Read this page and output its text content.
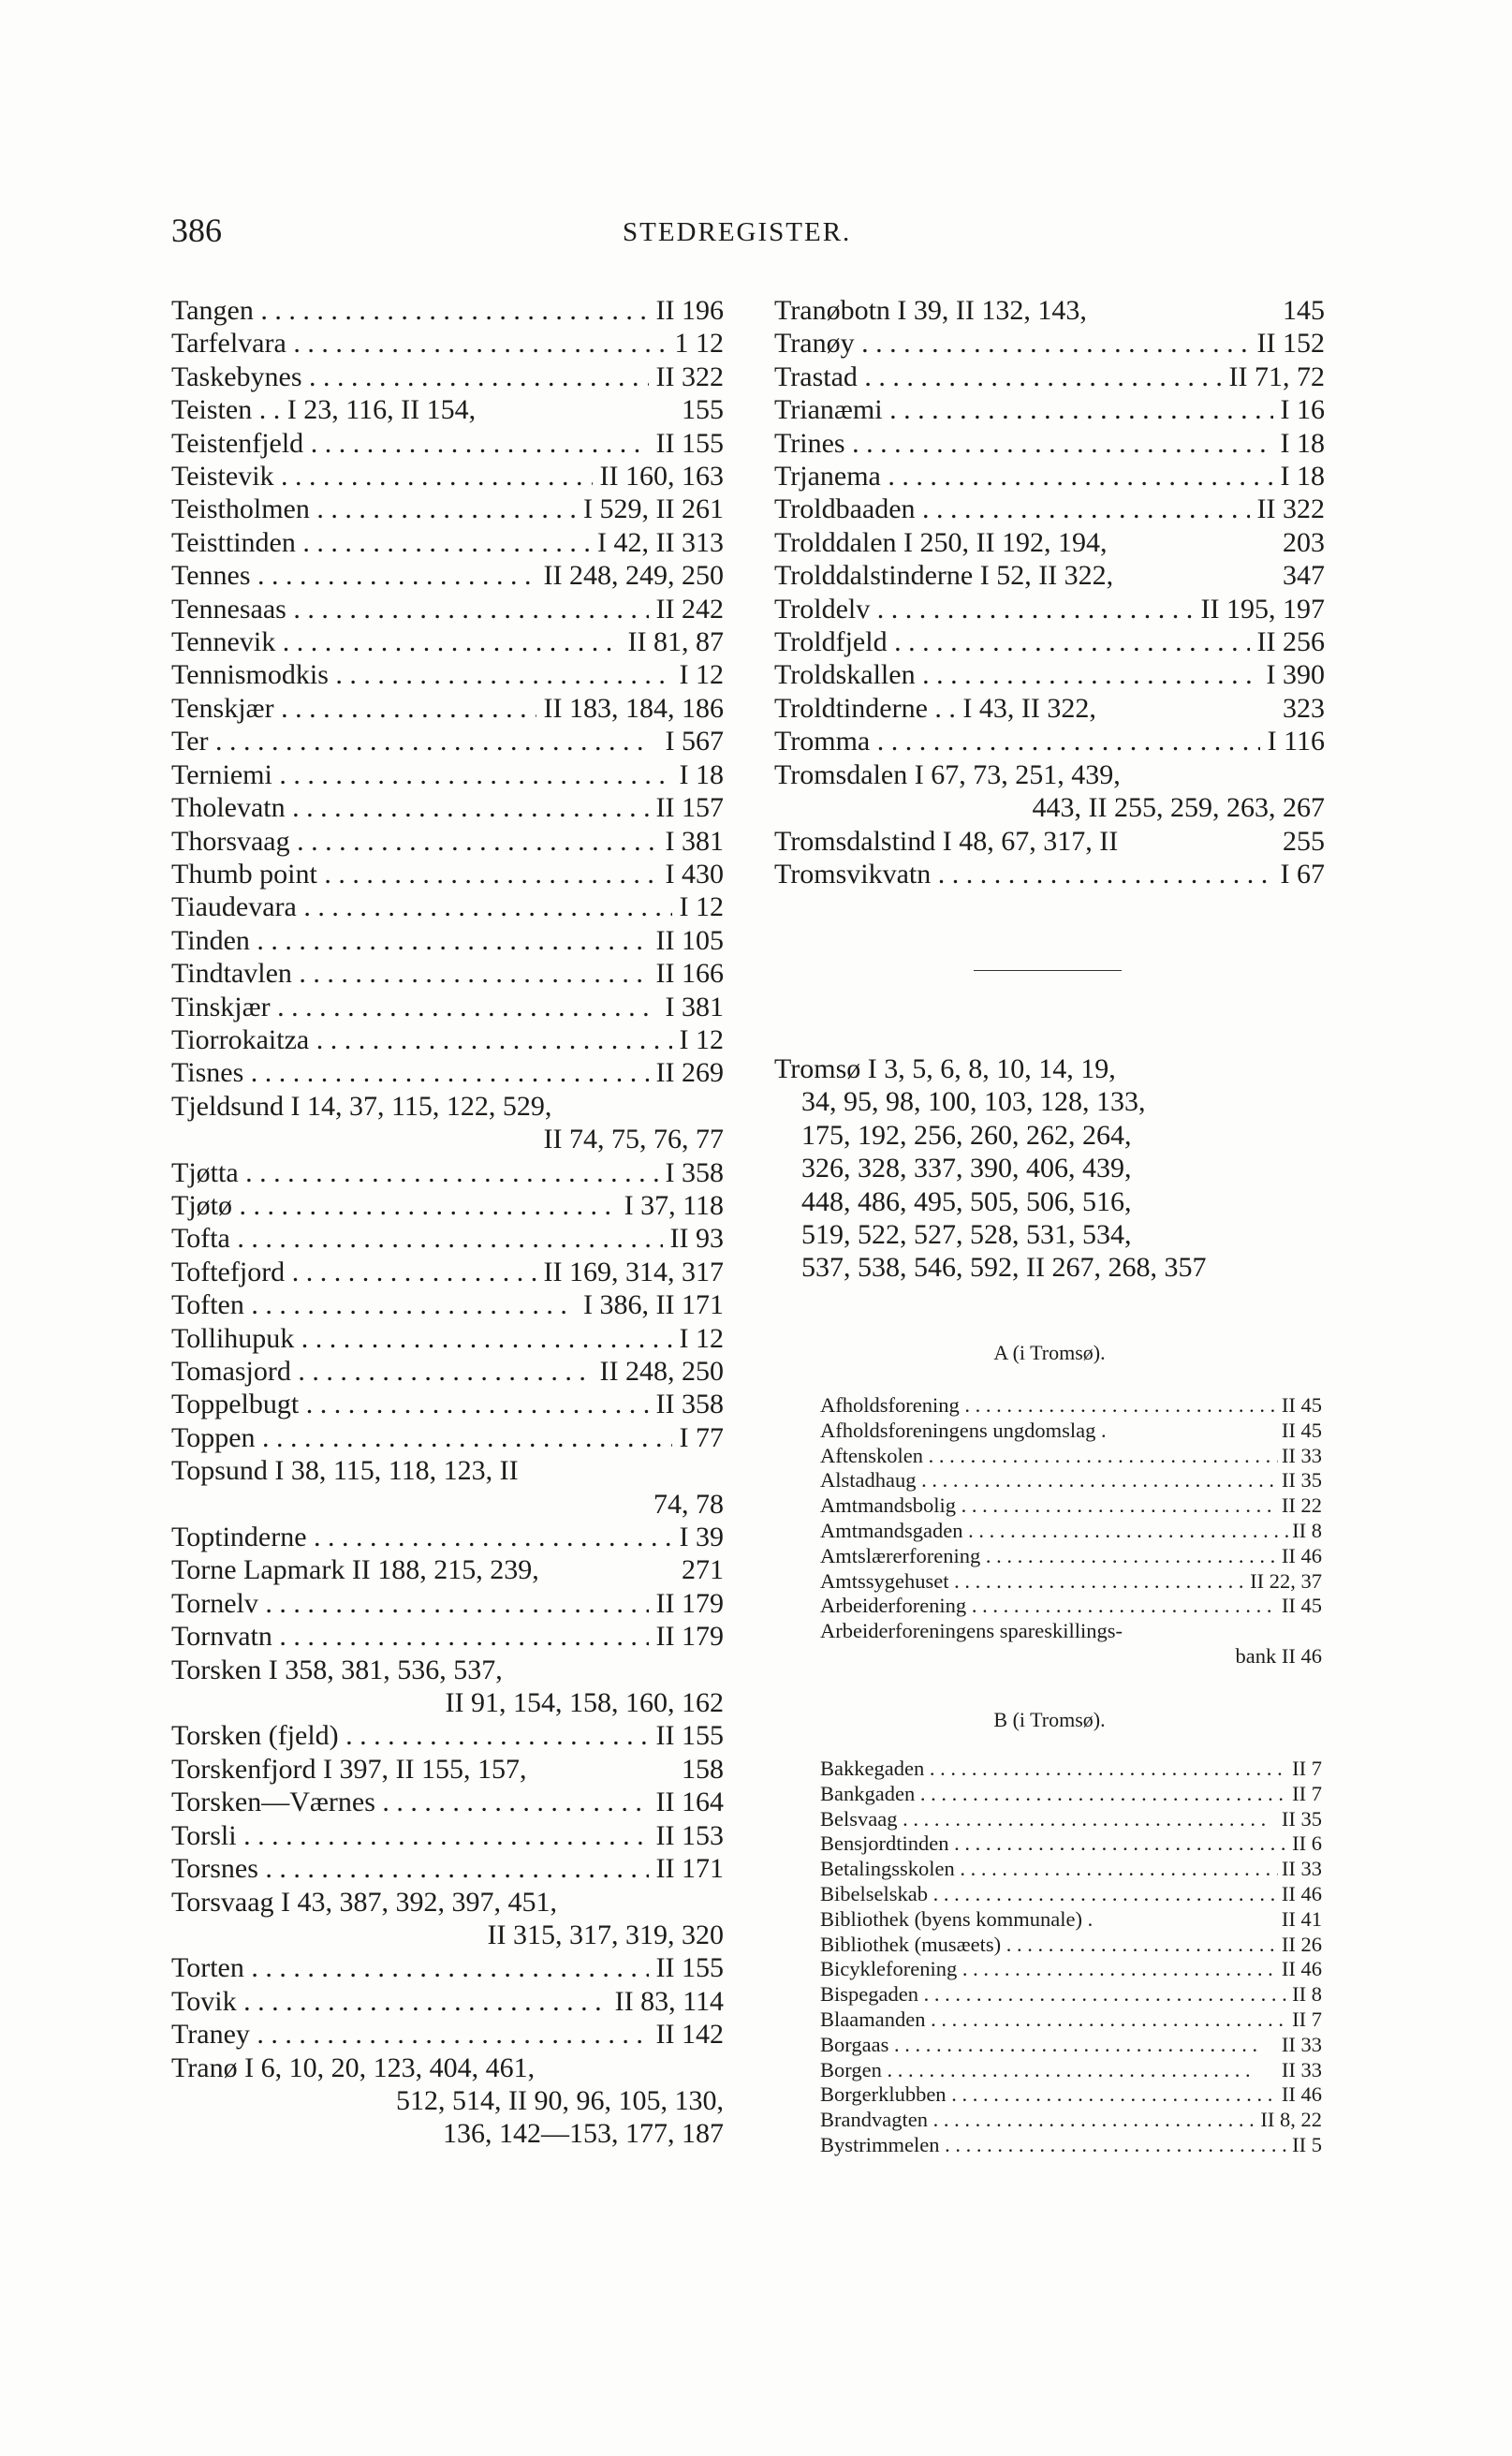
386	STEDREGISTER.
Tangen . . .	II 196
Tarfelvara . . .	1 12
Taskebynes . . .	II 322
Teisten . . I 23, 116, II 154,	155
Teistenfjeld . . .	II 155
Teistevik . . .	II 160, 163
Teistholmen . . .	I 529, II 261
Teisttinden . . .	I 42, II 313
Tennes . . .	II 248, 249, 250
Tennesaas . . .	II 242
Tennevik . . .	II 81, 87
Tennismodkis . . .	I 12
Tenskjær . . .	II 183, 184, 186
Ter . . .	I 567
Terniemi . . .	I 18
Tholevatn . . .	II 157
Thorsvaag . . .	I 381
Thumb point . . .	I 430
Tiaudevara . . .	I 12
Tinden . . .	II 105
Tindtavlen . . .	II 166
Tinskjær . . .	I 381
Tiorrokaitza . . .	I 12
Tisnes . . .	II 269
Tjeldsund I 14, 37, 115, 122, 529,
II 74, 75, 76, 77
Tjøtta . . .	I 358
Tjøtø . . .	I 37, 118
Tofta . . .	II 93
Toftefjord . . .	II 169, 314, 317
Toften . . .	I 386, II 171
Tollihupuk . . .	I 12
Tomasjord . . .	II 248, 250
Toppelbugt . . .	II 358
Toppen . . .	I 77
Topsund I 38, 115, 118, 123, II
74, 78
Toptinderne . . .	I 39
Torne Lapmark II 188, 215, 239,	271
Tornelv . . .	II 179
Tornvatn . . .	II 179
Torsken I 358, 381, 536, 537,
II 91, 154, 158, 160, 162
Torsken (fjeld) . . .	II 155
Torskenfjord I 397, II 155, 157,	158
Torsken—Værnes . . .	II 164
Torsli . . .	II 153
Torsnes . . .	II 171
Torsvaag I 43, 387, 392, 397, 451,
II 315, 317, 319, 320
Torten . . .	II 155
Tovik . . .	II 83, 114
Traney . . .	II 142
Tranø I 6, 10, 20, 123, 404, 461,
512, 514, II 90, 96, 105, 130,
136, 142—153, 177, 187
Tranøbotn I 39, II 132, 143,	145
Tranøy . . .	II 152
Trastad . . .	II 71, 72
Trianæmi . . .	I 16
Trines . . .	I 18
Trjanema . . .	I 18
Troldbaaden . . .	II 322
Trolddalen I 250, II 192, 194,	203
Trolddalstinderne I 52, II 322,	347
Troldelv . . .	II 195, 197
Troldfjeld . . .	II 256
Troldskallen . . .	I 390
Troldtinderne . . I 43, II 322,	323
Tromma . . .	I 116
Tromsdalen I 67, 73, 251, 439,
443, II 255, 259, 263, 267
Tromsdalstind I 48, 67, 317, II	255
Tromsvikvatn . . .	I 67
Tromsø I 3, 5, 6, 8, 10, 14, 19,
34, 95, 98, 100, 103, 128, 133,
175, 192, 256, 260, 262, 264,
326, 328, 337, 390, 406, 439,
448, 486, 495, 505, 506, 516,
519, 522, 527, 528, 531, 534,
537, 538, 546, 592, II 267, 268, 357
A (i Tromsø).
Afholdsforening . . .	II 45
Afholdsforeningens ungdomslag .	II 45
Aftenskolen . . .	II 33
Alstadhaug . . .	II 35
Amtmandsbolig . . .	II 22
Amtmandsgaden . . .	II 8
Amtslærerforening . . .	II 46
Amtssygehuset . . .	II 22, 37
Arbeiderforening . . .	II 45
Arbeiderforeningens spareskillings-
bank II 46
B (i Tromsø).
Bakkegaden . . .	II 7
Bankgaden . . .	II 7
Belsvaag . . .	II 35
Bensjordtinden . . .	II 6
Betalingsskolen . . .	II 33
Bibelselskab . . .	II 46
Bibliothek (byens kommunale) .	II 41
Bibliothek (musæets) . . .	II 26
Bicykleforening . . .	II 46
Bispegaden . . .	II 8
Blaamanden . . .	II 7
Borgaas . . .	II 33
Borgen . . .	II 33
Borgerklubben . . .	II 46
Brandvagten . . .	II 8, 22
Bystrimmelen . . .	II 5
